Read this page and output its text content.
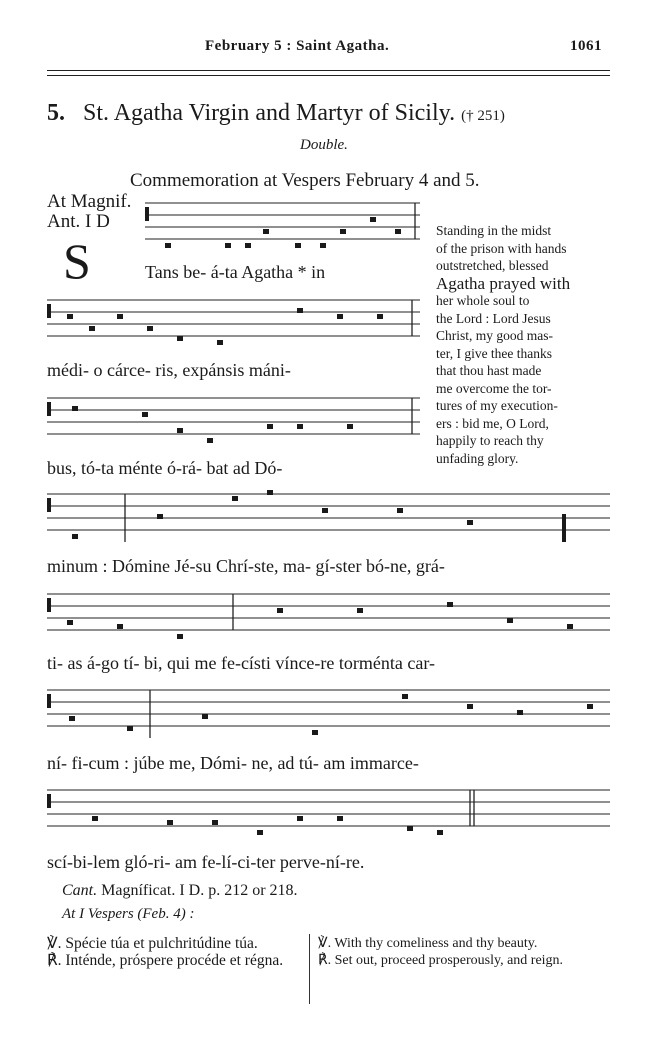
February 5 : Saint Agatha.	1061
5. St. Agatha Virgin and Martyr of Sicily. († 251)
Double.
Commemoration at Vespers February 4 and 5.
At Magnif.
Ant. I D
S	Tans be- á-ta Agatha * in
médi- o cárce- ris, expánsis máni-
bus, tó-ta ménte ó-rá- bat ad Dó-
minum : Dómine Jé-su Chrí-ste, ma- gí-ster bó-ne, grá-
ti- as á-go tí- bi, qui me fe-císti vínce-re torménta car-
ní- fi-cum : júbe me, Dómi- ne, ad tú- am immarce-
scí-bi-lem gló-ri- am fe-lí-ci-ter perve-ní-re.
Standing in the midst
of the prison with hands
outstretched, blessed
Agatha prayed with
her whole soul to
the Lord : Lord Jesus
Christ, my good mas-
ter, I give thee thanks
that thou hast made
me overcome the tor-
tures of my execution-
ers : bid me, O Lord,
happily to reach thy
unfading glory.
Cant. Magníficat. I D. p. 212 or 218.
At I Vespers (Feb. 4) :
℣. Spécie túa et pulchritúdine túa.
℟. Inténde, próspere procéde et régna.
℣. With thy comeliness and thy beauty.
℟. Set out, proceed prosperously, and reign.
